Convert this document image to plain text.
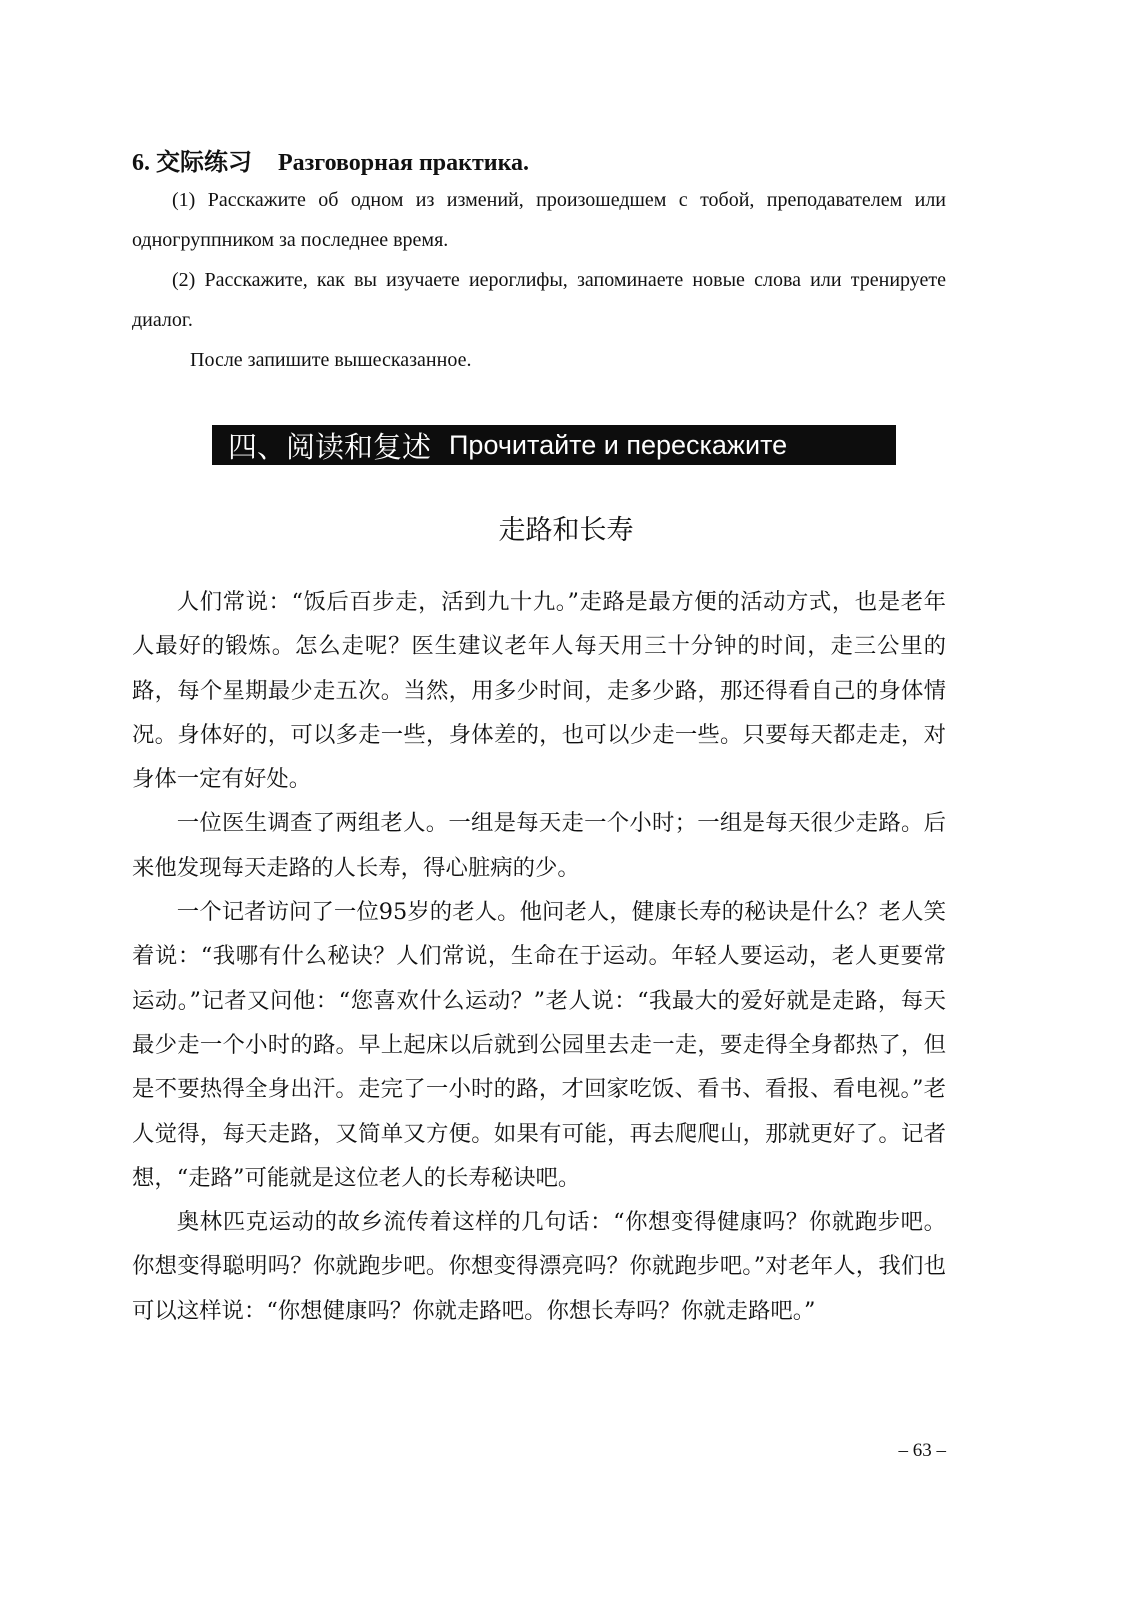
6. 交际练习 Разговорная практика.
(1) Расскажите об одном из измений, произошедшем с тобой, преподавателем или одногруппником за последнее время.
(2) Расскажите, как вы изучаете иероглифы, запоминаете новые слова или тренируете диалог.
После запишите вышесказанное.
四、阅读和复述 Прочитайте и перескажите
走路和长寿

人们常说：“饭后百步走，活到九十九。”走路是最方便的活动方式，也是老年人最好的锻炼。怎么走呢？医生建议老年人每天用三十分钟的时间，走三公里的路，每个星期最少走五次。当然，用多少时间，走多少路，那还得看自己的身体情况。身体好的，可以多走一些，身体差的，也可以少走一些。只要每天都走走，对身体一定有好处。

一位医生调查了两组老人。一组是每天走一个小时；一组是每天很少走路。后来他发现每天走路的人长寿，得心脏病的少。

一个记者访问了一位95岁的老人。他问老人，健康长寿的秘诀是什么？老人笑着说：“我哪有什么秘诀？人们常说，生命在于运动。年轻人要运动，老人更要常运动。”记者又问他：“您喜欢什么运动？”老人说：“我最大的爱好就是走路，每天最少走一个小时的路。早上起床以后就到公园里去走一走，要走得全身都热了，但是不要热得全身出汗。走完了一小时的路，才回家吃饭、看书、看报、看电视。”老人觉得，每天走路，又简单又方便。如果有可能，再去爬爬山，那就更好了。记者想，“走路”可能就是这位老人的长寿秘诀吧。

奥林匹克运动的故乡流传着这样的几句话：“你想变得健康吗？你就跑步吧。你想变得聪明吗？你就跑步吧。你想变得漂亮吗？你就跑步吧。”对老年人，我们也可以这样说：“你想健康吗？你就走路吧。你想长寿吗？你就走路吧。”

– 63 –
